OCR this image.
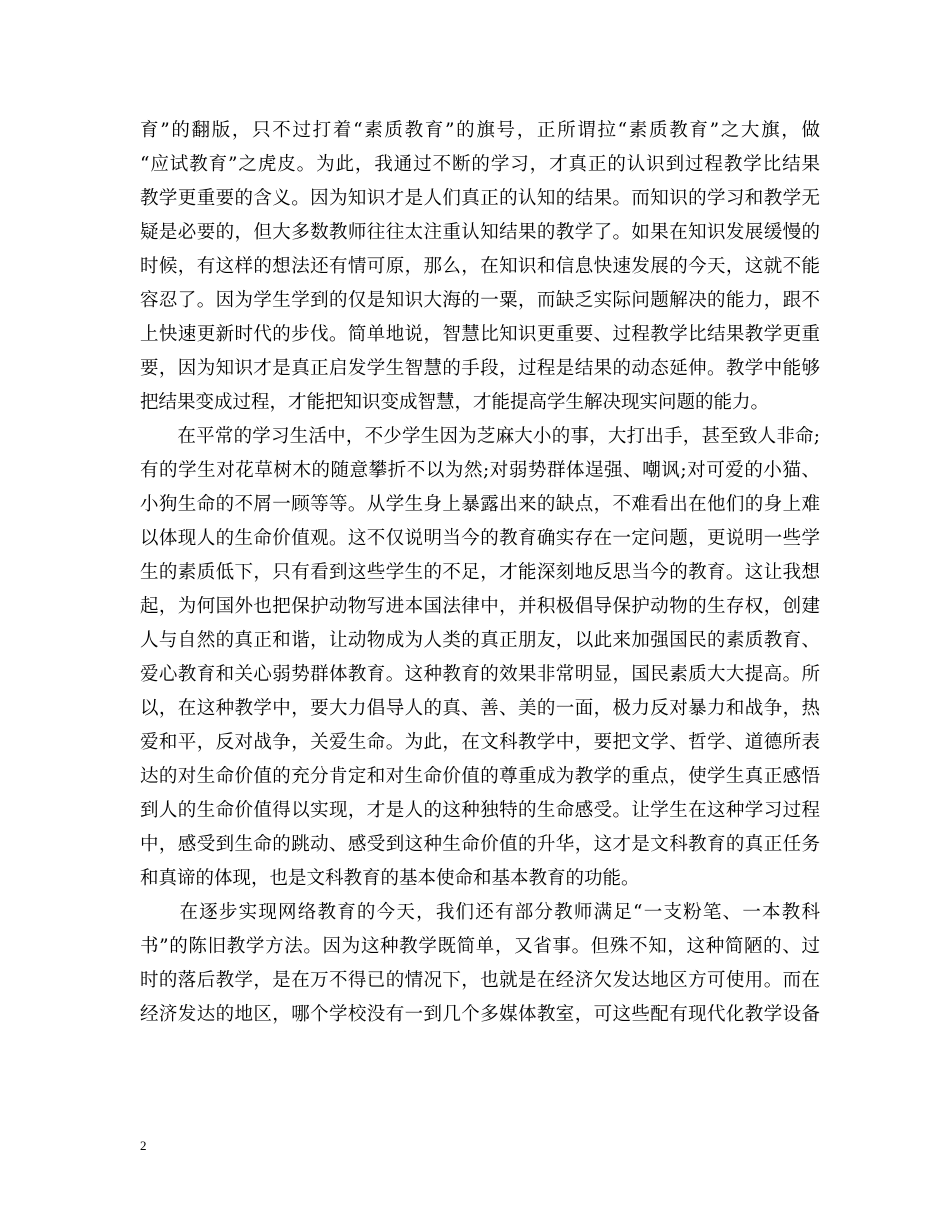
育”的翻版，只不过打着“素质教育”的旗号，正所谓拉“素质教育”之大旗，做
“应试教育”之虎皮。为此，我通过不断的学习，才真正的认识到过程教学比结果
教学更重要的含义。因为知识才是人们真正的认知的结果。而知识的学习和教学无
疑是必要的，但大多数教师往往太注重认知结果的教学了。如果在知识发展缓慢的
时候，有这样的想法还有情可原，那么，在知识和信息快速发展的今天，这就不能
容忍了。因为学生学到的仅是知识大海的一粟，而缺乏实际问题解决的能力，跟不
上快速更新时代的步伐。简单地说，智慧比知识更重要、过程教学比结果教学更重
要，因为知识才是真正启发学生智慧的手段，过程是结果的动态延伸。教学中能够
把结果变成过程，才能把知识变成智慧，才能提高学生解决现实问题的能力。
　　在平常的学习生活中，不少学生因为芝麻大小的事，大打出手，甚至致人非命;
有的学生对花草树木的随意攀折不以为然;对弱势群体逞强、嘲讽;对可爱的小猫、
小狗生命的不屑一顾等等。从学生身上暴露出来的缺点，不难看出在他们的身上难
以体现人的生命价值观。这不仅说明当今的教育确实存在一定问题，更说明一些学
生的素质低下，只有看到这些学生的不足，才能深刻地反思当今的教育。这让我想
起，为何国外也把保护动物写进本国法律中，并积极倡导保护动物的生存权，创建
人与自然的真正和谐，让动物成为人类的真正朋友，以此来加强国民的素质教育、
爱心教育和关心弱势群体教育。这种教育的效果非常明显，国民素质大大提高。所
以，在这种教学中，要大力倡导人的真、善、美的一面，极力反对暴力和战争，热
爱和平，反对战争，关爱生命。为此，在文科教学中，要把文学、哲学、道德所表
达的对生命价值的充分肯定和对生命价值的尊重成为教学的重点，使学生真正感悟
到人的生命价值得以实现，才是人的这种独特的生命感受。让学生在这种学习过程
中，感受到生命的跳动、感受到这种生命价值的升华，这才是文科教育的真正任务
和真谛的体现，也是文科教育的基本使命和基本教育的功能。
　　在逐步实现网络教育的今天，我们还有部分教师满足“一支粉笔、一本教科
书”的陈旧教学方法。因为这种教学既简单，又省事。但殊不知，这种简陋的、过
时的落后教学，是在万不得已的情况下，也就是在经济欠发达地区方可使用。而在
经济发达的地区，哪个学校没有一到几个多媒体教室，可这些配有现代化教学设备
2
